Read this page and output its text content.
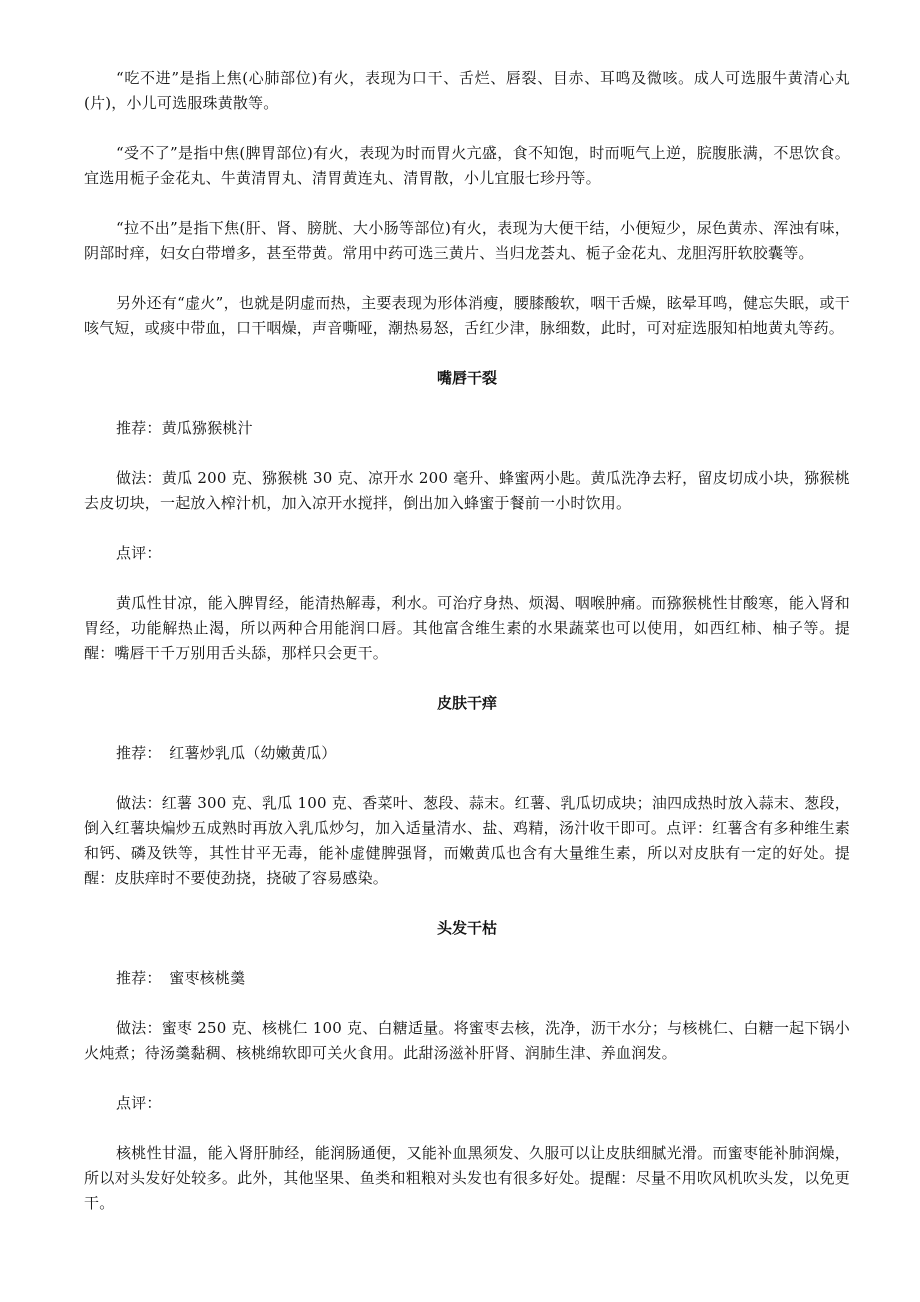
“吃不进”是指上焦(心肺部位)有火，表现为口干、舌烂、唇裂、目赤、耳鸣及微咳。成人可选服牛黄清心丸(片)，小儿可选服珠黄散等。

“受不了”是指中焦(脾胃部位)有火，表现为时而胃火亢盛，食不知饱，时而呃气上逆，脘腹胀满，不思饮食。宜选用栀子金花丸、牛黄清胃丸、清胃黄连丸、清胃散，小儿宜服七珍丹等。

“拉不出”是指下焦(肝、肾、膀胱、大小肠等部位)有火，表现为大便干结，小便短少，尿色黄赤、浑浊有味，阴部时痒，妇女白带增多，甚至带黄。常用中药可选三黄片、当归龙荟丸、栀子金花丸、龙胆泻肝软胶囊等。

另外还有“虚火”，也就是阴虚而热，主要表现为形体消瘦，腰膝酸软，咽干舌燥，眩晕耳鸣，健忘失眠，或干咳气短，或痰中带血，口干咽燥，声音嘶哑，潮热易怒，舌红少津，脉细数，此时，可对症选服知柏地黄丸等药。

嘴唇干裂

推荐：黄瓜猕猴桃汁

做法：黄瓜 200 克、猕猴桃 30 克、凉开水 200 毫升、蜂蜜两小匙。黄瓜洗净去籽，留皮切成小块，猕猴桃去皮切块，一起放入榨汁机，加入凉开水搅拌，倒出加入蜂蜜于餐前一小时饮用。

点评：

黄瓜性甘凉，能入脾胃经，能清热解毒，利水。可治疗身热、烦渴、咽喉肿痛。而猕猴桃性甘酸寒，能入肾和胃经，功能解热止渴，所以两种合用能润口唇。其他富含维生素的水果蔬菜也可以使用，如西红柿、柚子等。提醒：嘴唇干千万别用舌头舔，那样只会更干。

皮肤干痒

推荐：　红薯炒乳瓜（幼嫩黄瓜）

做法：红薯 300 克、乳瓜 100 克、香菜叶、葱段、蒜末。红薯、乳瓜切成块；油四成热时放入蒜末、葱段，倒入红薯块煸炒五成熟时再放入乳瓜炒匀，加入适量清水、盐、鸡精，汤汁收干即可。点评：红薯含有多种维生素和钙、磷及铁等，其性甘平无毒，能补虚健脾强肾，而嫩黄瓜也含有大量维生素，所以对皮肤有一定的好处。提醒：皮肤痒时不要使劲挠，挠破了容易感染。

头发干枯

推荐：　蜜枣核桃羹

做法：蜜枣 250 克、核桃仁 100 克、白糖适量。将蜜枣去核，洗净，沥干水分；与核桃仁、白糖一起下锅小火炖煮；待汤羹黏稠、核桃绵软即可关火食用。此甜汤滋补肝肾、润肺生津、养血润发。

点评：

核桃性甘温，能入肾肝肺经，能润肠通便，又能补血黑须发、久服可以让皮肤细腻光滑。而蜜枣能补肺润燥，所以对头发好处较多。此外，其他坚果、鱼类和粗粮对头发也有很多好处。提醒：尽量不用吹风机吹头发，以免更干。
